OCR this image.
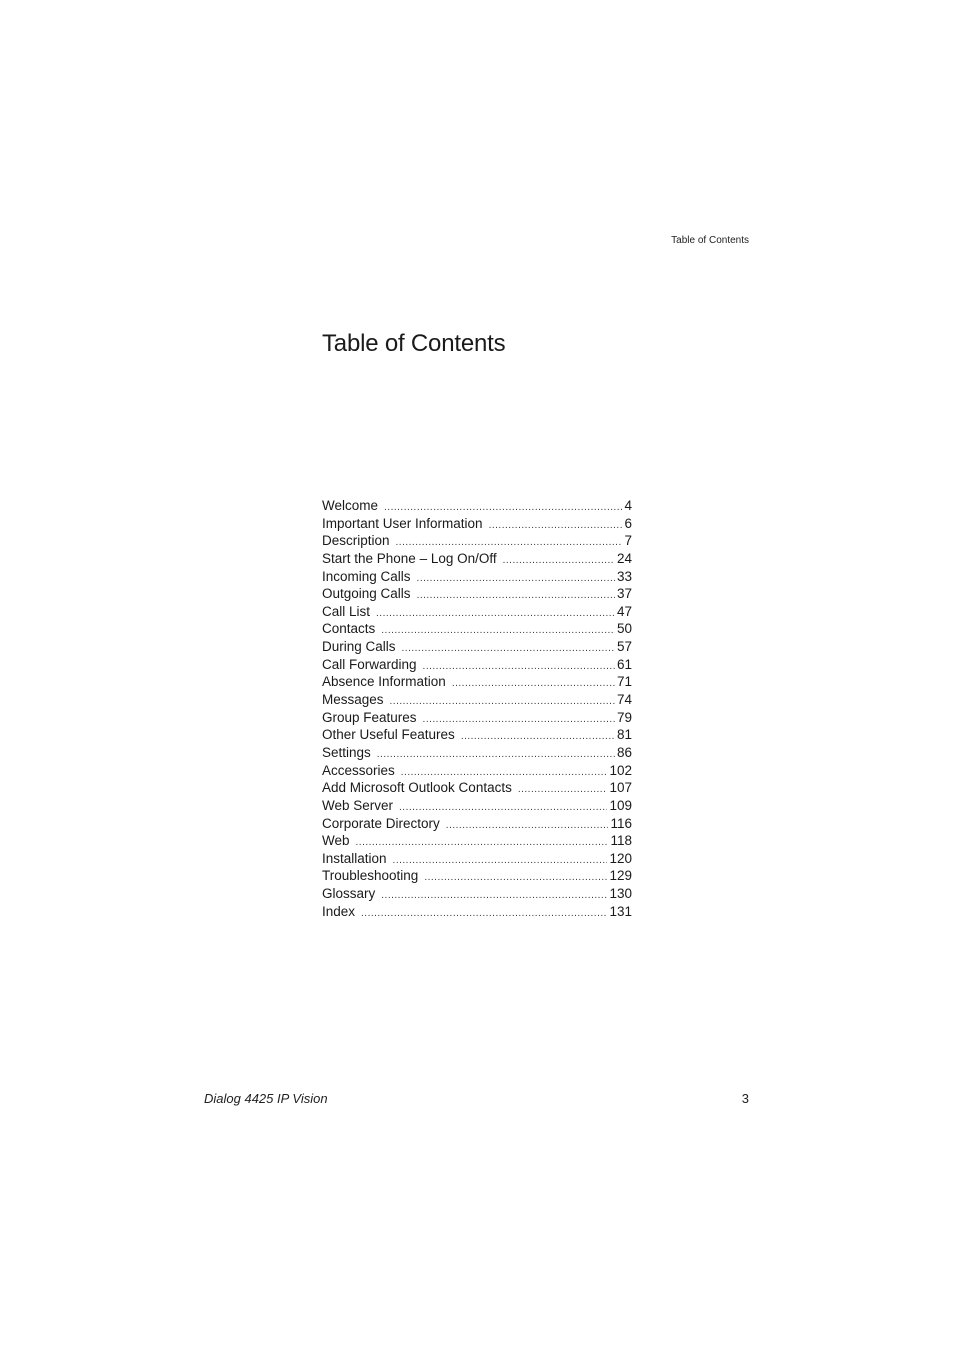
Table of Contents
Table of Contents
Welcome .....	4
Important User Information .....	6
Description .....	7
Start the Phone – Log On/Off .....	24
Incoming Calls .....	33
Outgoing Calls .....	37
Call List .....	47
Contacts .....	50
During Calls .....	57
Call Forwarding .....	61
Absence Information .....	71
Messages .....	74
Group Features .....	79
Other Useful Features .....	81
Settings .....	86
Accessories .....	102
Add Microsoft Outlook Contacts .....	107
Web Server .....	109
Corporate Directory .....	116
Web .....	118
Installation .....	120
Troubleshooting .....	129
Glossary .....	130
Index .....	131
Dialog 4425 IP Vision	3
